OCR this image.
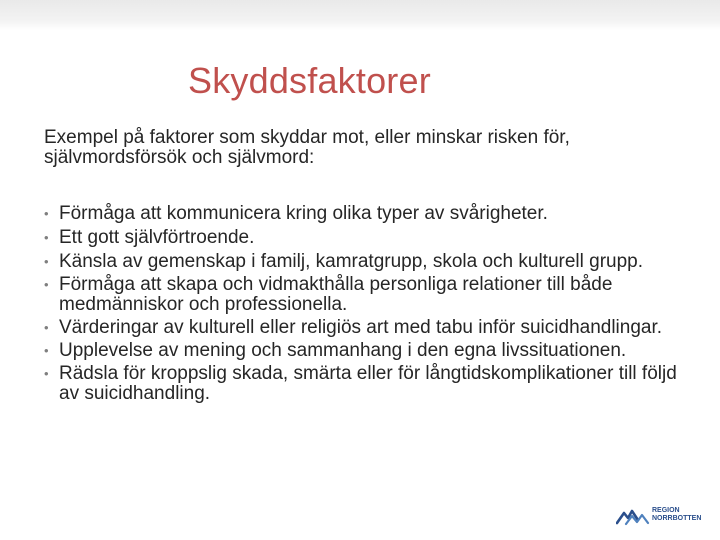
Skyddsfaktorer
Exempel på faktorer som skyddar mot, eller minskar risken för, självmordsförsök och självmord:
• Förmåga att kommunicera kring olika typer av svårigheter.
• Ett gott självförtroende.
• Känsla av gemenskap i familj, kamratgrupp, skola och kulturell grupp.
• Förmåga att skapa och vidmakthålla personliga relationer till både medmänniskor och professionella.
• Värderingar av kulturell eller religiös art med tabu inför suicidhandlingar.
• Upplevelse av mening och sammanhang i den egna livssituationen.
• Rädsla för kroppslig skada, smärta eller för långtidskomplikationer till följd av suicidhandling.
REGION
NORRBOTTEN
